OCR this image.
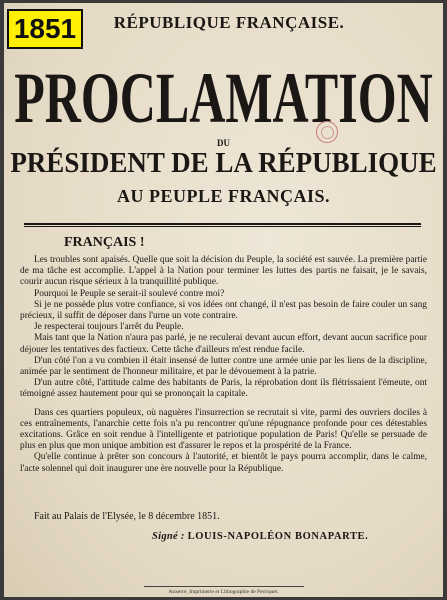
1851	RÉPUBLIQUE FRANÇAISE.
PROCLAMATION
DU
PRÉSIDENT DE LA RÉPUBLIQUE
AU PEUPLE FRANÇAIS.
FRANÇAIS !

Les troubles sont apaisés. Quelle que soit la décision du Peuple, la société est sauvée. La première partie de ma tâche est accomplie. L'appel à la Nation pour terminer les luttes des partis ne faisait, je le savais, courir aucun risque sérieux à la tranquillité publique.

Pourquoi le Peuple se serait-il soulevé contre moi?

Si je ne possède plus votre confiance, si vos idées ont changé, il n'est pas besoin de faire couler un sang précieux, il suffit de déposer dans l'urne un vote contraire.

Je respecterai toujours l'arrêt du Peuple.

Mais tant que la Nation n'aura pas parlé, je ne reculerai devant aucun effort, devant aucun sacrifice pour déjouer les tentatives des factieux. Cette tâche d'ailleurs m'est rendue facile.

D'un côté l'on a vu combien il était insensé de lutter contre une armée unie par les liens de la discipline, animée par le sentiment de l'honneur militaire, et par le dévouement à la patrie.

D'un autre côté, l'attitude calme des habitants de Paris, la réprobation dont ils flétrissaient l'émeute, ont témoigné assez hautement pour qui se prononçait la capitale.

Dans ces quartiers populeux, où naguères l'insurrection se recrutait si vite, parmi des ouvriers dociles à ces entraînements, l'anarchie cette fois n'a pu rencontrer qu'une répugnance profonde pour ces détestables excitations. Grâce en soit rendue à l'intelligente et patriotique population de Paris! Qu'elle se persuade de plus en plus que mon unique ambition est d'assurer le repos et la prospérité de la France.

Qu'elle continue à prêter son concours à l'autorité, et bientôt le pays pourra accomplir, dans le calme, l'acte solennel qui doit inaugurer une ère nouvelle pour la République.

Fait au Palais de l'Elysée, le 8 décembre 1851.
Signé : LOUIS-NAPOLÉON BONAPARTE.
Auxerre, Imprimerie et Lithographie de Perriquet.
